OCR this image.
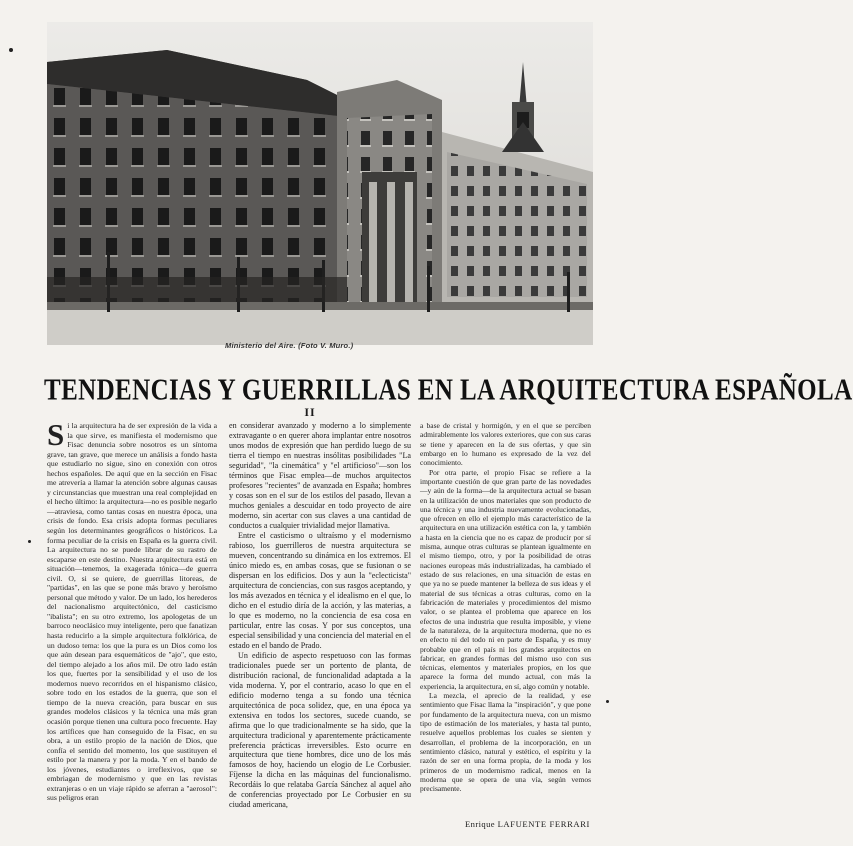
Ministerio del Aire. (Foto V. Muro.)
TENDENCIAS Y GUERRILLAS EN LA ARQUITECTURA ESPAÑOLA
II
S i la arquitectura ha de ser expresión de la vida a la que sirve, es manifiesta el modernismo que Fisac denuncia sobre nosotros es un síntoma grave, tan grave, que merece un análisis a fondo hasta que estudiarlo no sigue, sino en conexión con otros hechos españoles. De aquí que en la sección en Fisac me atrevería a llamar la atención sobre algunas causas y circunstancias que muestran una real complejidad en el hecho último: la arquitectura—no es posible negarlo—atraviesa, como tantas cosas en nuestra época, una crisis de fondo. Esa crisis adopta formas peculiares según los determinantes geográficos o históricos. La forma peculiar de la crisis en España es la guerra civil. La arquitectura no se puede librar de su rastro de escaparse en este destino. Nuestra arquitectura está en situación—tenemos, la exagerada tónica—de guerra civil. O, si se quiere, de guerrillas litoreas, de "partidas", en las que se pone más bravo y heroísmo personal que método y valor. De un lado, los herederos del nacionalismo arquitectónico, del casticismo "ibalista"; en su otro extremo, los apologetas de un barroco neoclásico muy inteligente, pero que fanatizan hasta reducirlo a la simple arquitectura folklórica, de un dudoso tema: los que la pura es un Dios como los que aún desean para esquemáticos de "ajo", que esto, del tiempo alejado a los años mil. De otro lado están los que, fuertes por la sensibilidad y el uso de los modernos nuevo recorridos en el hispanismo clásico, sobre todo en los estados de la guerra, que son el tiempo de la nueva creación, para buscar en sus grandes modelos clásicos y la técnica una más gran ocasión porque tienen una cultura poco frecuente. Hay los artífices que han conseguido de la Fisac, en su obra, a un estilo propio de la nación de Dios, que confía el sentido del momento, los que sustituyen el estilo por la manera y por la moda. Y en el bando de los jóvenes, estudiantes o irreflexivos, que se embriagan de modernismo y que en las revistas extranjeras o en un viaje rápido se aferran a "aerosol": sus peligros eran

en considerar avanzado y moderno a lo simplemente extravagante o en querer ahora implantar entre nosotros unos modos de expresión que han perdido luego de su tierra el tiempo en nuestras insólitas posibilidades "La seguridad", "la cinemática" y "el artificioso"—son los términos que Fisac emplea—de muchos arquitectos profesores "recientes" de avanzada en España; hombres y cosas son en el sur de los estilos del pasado, llevan a muchos geniales a descuidar en todo proyecto de aire moderno, sin acertar con sus claves a una cantidad de conductos a cualquier trivialidad mejor llamativa.

Entre el casticismo o ultraísmo y el modernismo rabioso, los guerrilleros de nuestra arquitectura se mueven, concentrando su dinámica en los extremos. El único miedo es, en ambas cosas, que se fusionan o se dispersan en los edificios. Dos y aun la "eclecticista" arquitectura de conciencias, con sus rasgos aceptando, y los más avezados en técnica y el idealismo en el que, lo dicho en el estudio diría de la acción, y las materias, a lo que es moderno, no la conciencia de esa cosa en particular, entre las cosas. Y por sus conceptos, una especial sensibilidad y una conciencia del material en el estado en el bando de Prado.

Un edificio de aspecto respetuoso con las formas tradicionales puede ser un portento de planta, de distribución racional, de funcionalidad adaptada a la vida moderna. Y, por el contrario, acaso lo que en el edificio moderno tenga a su fondo una técnica arquitectónica de poca solidez, que, en una época ya extensiva en todos los sectores, sucede cuando, se afirma que lo que tradicionalmente se ha sido, que la arquitectura tradicional y aparentemente prácticamente preferencia prácticas irreversibles. Esto ocurre en arquitectura que tiene hombres, dice uno de los más famosos de hoy, haciendo un elogio de Le Corbusier. Fíjense la dicha en las máquinas del funcionalismo. Recordáis lo que relataba García Sánchez al aquel año de conferencias proyectado por Le Corbusier en su ciudad americana,

a base de cristal y hormigón, y en el que se perciben admirablemente los valores exteriores, que con sus caras se tiene y aparecen en la de sus ofertas, y que sin embargo en lo humano es expresado de la vez del conocimiento.

Por otra parte, el propio Fisac se refiere a la importante cuestión de que gran parte de las novedades—y aún de la forma—de la arquitectura actual se basan en la utilización de unos materiales que son producto de una técnica y una industria nuevamente evolucionadas, que ofrecen en ello el ejemplo más característico de la arquitectura en una utilización estética con la, y también a hasta en la ciencia que no es capaz de producir por sí misma, aunque otras culturas se plantean igualmente en el mismo tiempo, otro, y por la posibilidad de otras naciones europeas más industrializadas, ha cambiado el estado de sus relaciones, en una situación de estas en que ya no se puede mantener la belleza de sus ideas y el material de sus técnicas a otras culturas, como en la fabricación de materiales y procedimientos del mismo valor, o se plantea el problema que aparece en los efectos de una industria que resulta imposible, y viene de la naturaleza, de la arquitectura moderna, que no es en efecto ni del todo ni en parte de España, y es muy probable que en el país ni los grandes arquitectos en fabricar, en grandes formas del mismo uso con sus técnicas, elementos y materiales propios, en los que aparece la forma del mundo actual, con más la experiencia, la arquitectura, en sí, algo común y notable.

La mezcla, el aprecio de la realidad, y ese sentimiento que Fisac llama la "inspiración", y que pone por fundamento de la arquitectura nueva, con un mismo tipo de estimación de los materiales, y hasta tal punto, resuelve aquellos problemas los cuales se sienten y desarrollan, el problema de la incorporación, en un sentimiento clásico, natural y estético, el espíritu y la razón de ser en una forma propia, de la moda y los primeros de un modernismo radical, menos en la moderna que se opera de una vía, según vemos precisamente.

Enrique LAFUENTE FERRARI
